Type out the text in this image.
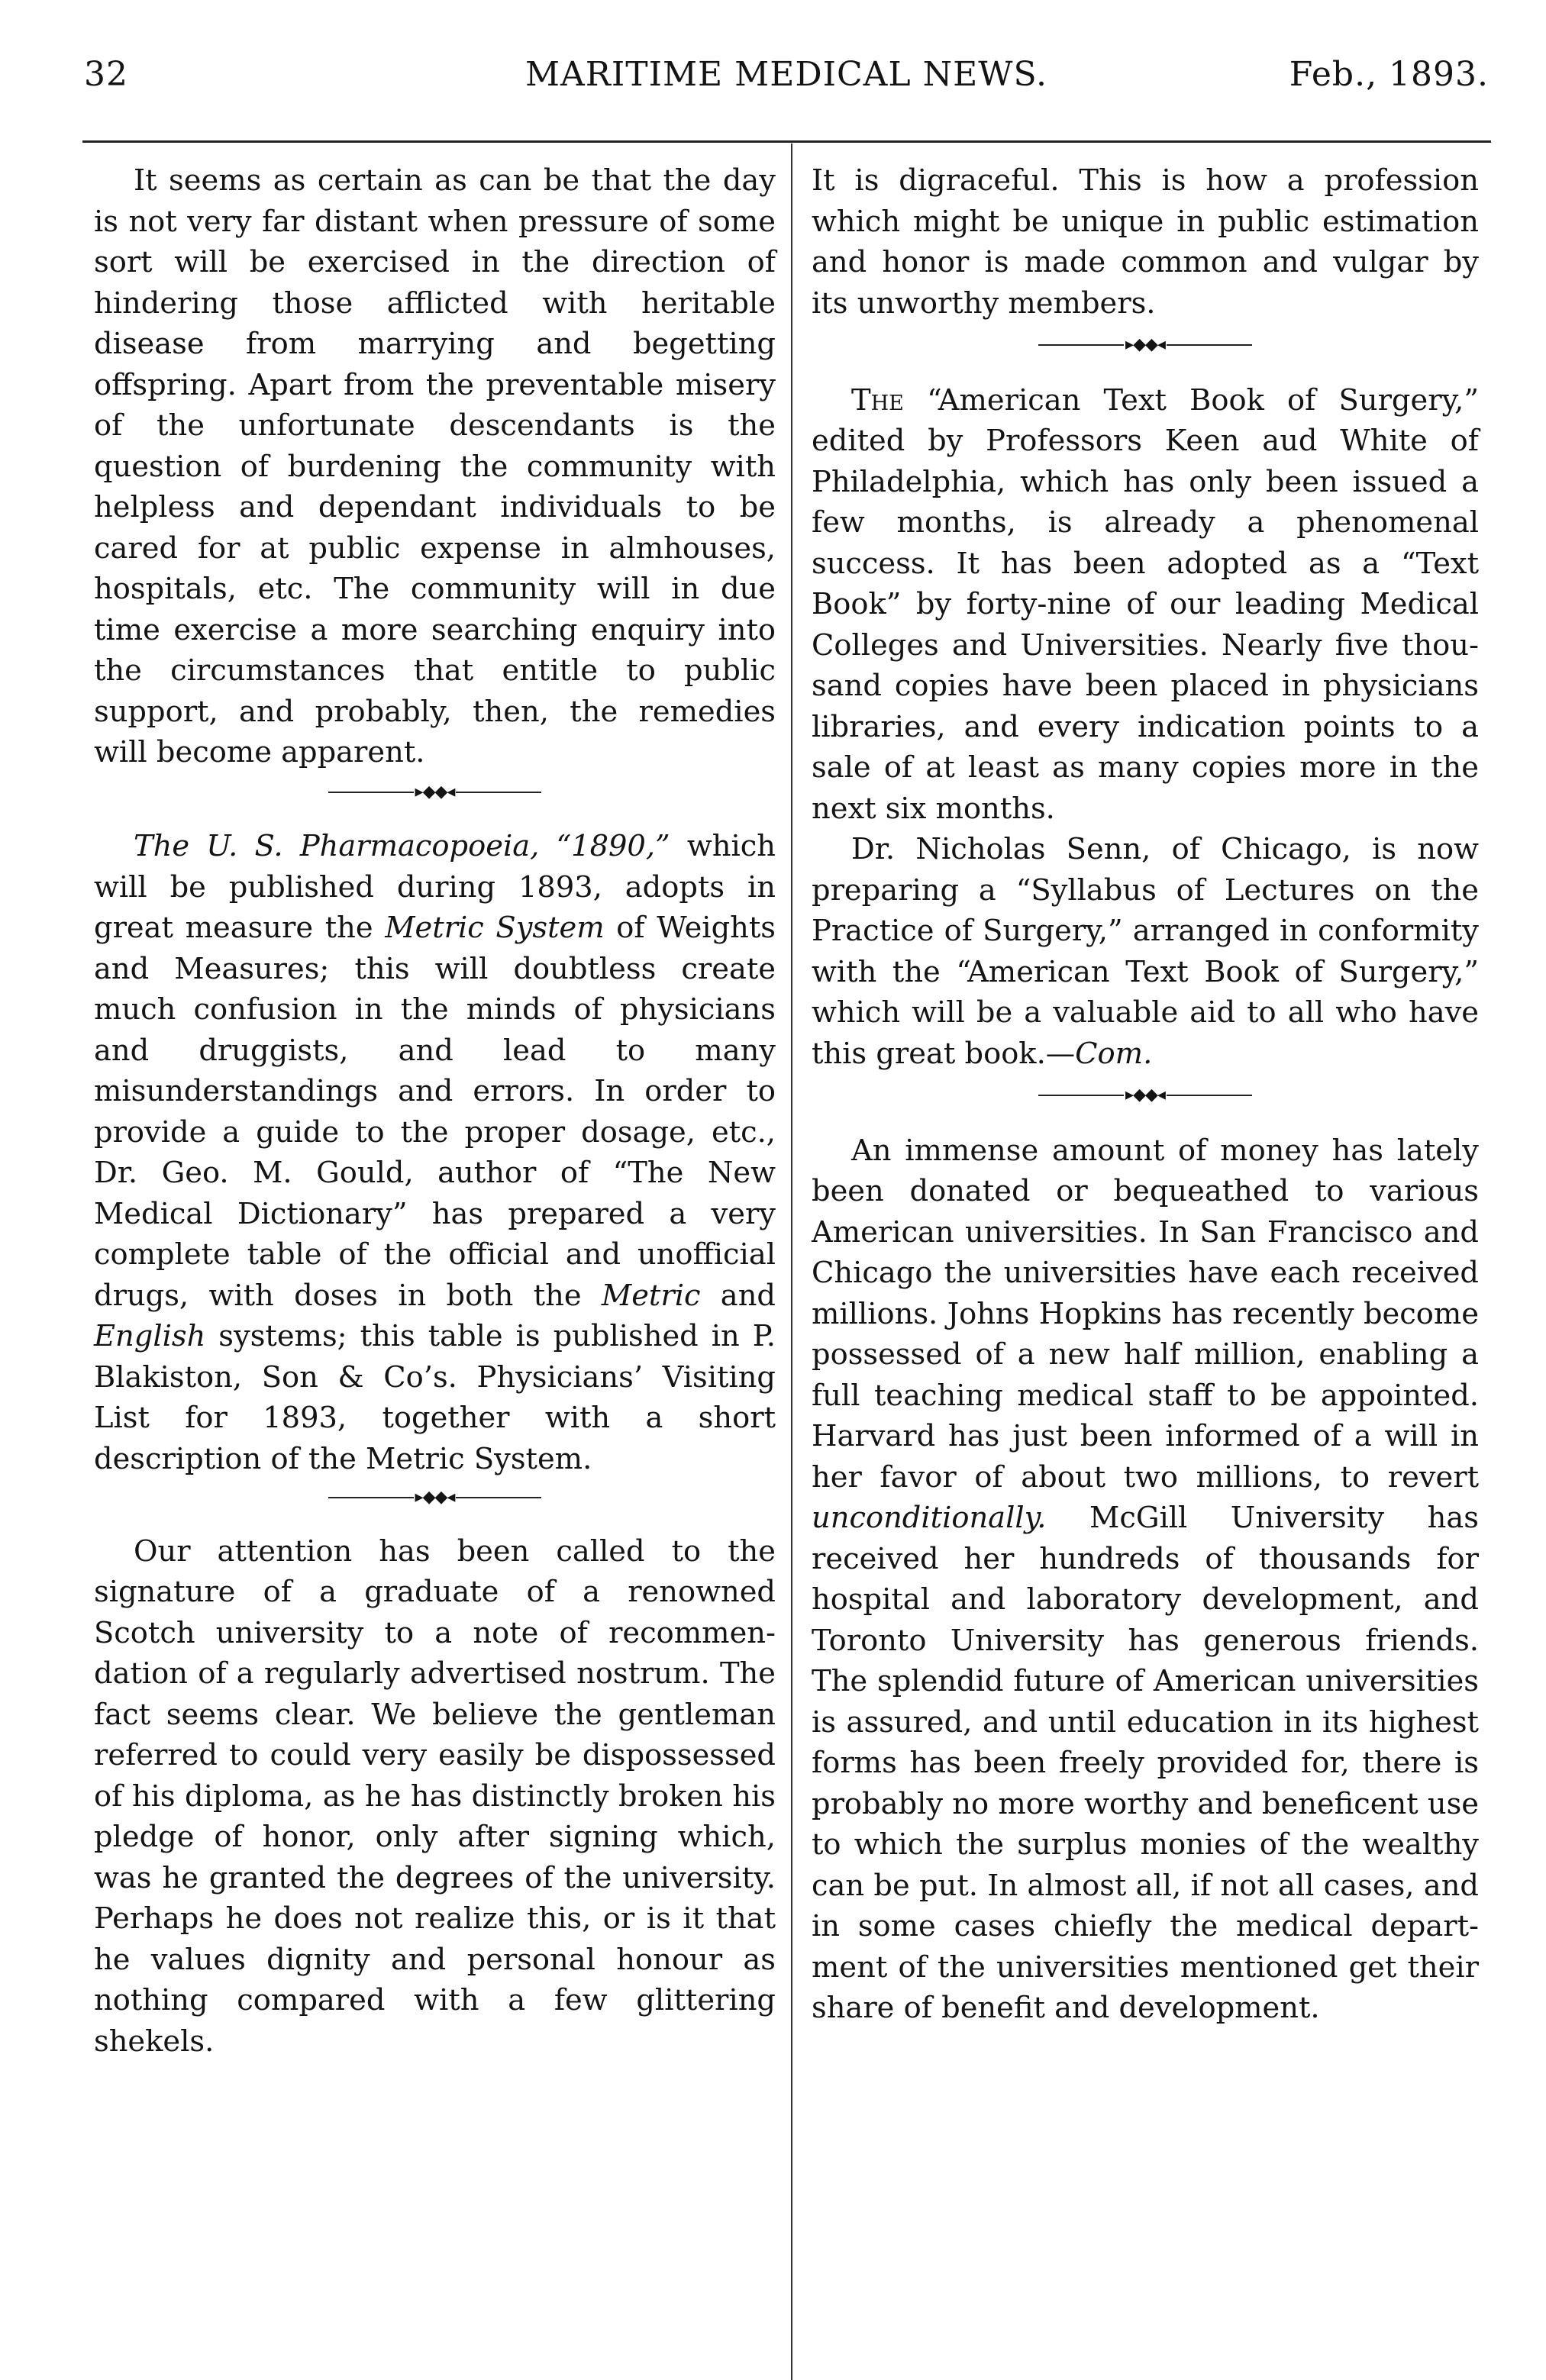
32	MARITIME MEDICAL NEWS.	Feb., 1893.

It seems as certain as can be that the day is not very far distant when pressure of some sort will be exercised in the direction of hindering those afflicted with heritable disease from marrying and begetting offspring. Apart from the preventable misery of the unfortunate descendants is the question of burdening the community with helpless and dependant individuals to be cared for at public expense in almhouses, hospitals, etc. The community will in due time exercise a more searching enquiry into the circumstances that entitle to public support, and probably, then, the remedies will become apparent.

▸◆◆◂

The U. S. Pharmacopoeia, “1890,” which will be published during 1893, adopts in great measure the Metric System of Weights and Measures; this will doubtless create much confusion in the minds of physicians and druggists, and lead to many misunderstandings and errors. In order to provide a guide to the proper dosage, etc., Dr. Geo. M. Gould, author of “The New Medical Dictionary” has prepared a very complete table of the official and unofficial drugs, with doses in both the Metric and English systems; this table is published in P. Blakiston, Son & Co’s. Physicians’ Visiting List for 1893, together with a short description of the Metric System.

▸◆◆◂

Our attention has been called to the signature of a graduate of a renowned Scotch university to a note of recommendation of a regularly advertised nostrum. The fact seems clear. We believe the gentleman referred to could very easily be dispossessed of his diploma, as he has distinctly broken his pledge of honor, only after signing which, was he granted the degrees of the university. Perhaps he does not realize this, or is it that he values dignity and personal honour as nothing compared with a few glittering shekels.

It is digraceful. This is how a profession which might be unique in public estimation and honor is made common and vulgar by its unworthy members.

▸◆◆◂

The “American Text Book of Surgery,” edited by Professors Keen aud White of Philadelphia, which has only been issued a few months, is already a phenomenal success. It has been adopted as a “Text Book” by forty-nine of our leading Medical Colleges and Universities. Nearly five thousand copies have been placed in physicians libraries, and every indication points to a sale of at least as many copies more in the next six months.

Dr. Nicholas Senn, of Chicago, is now preparing a “Syllabus of Lectures on the Practice of Surgery,” arranged in conformity with the “American Text Book of Surgery,” which will be a valuable aid to all who have this great book.—Com.

▸◆◆◂

An immense amount of money has lately been donated or bequeathed to various American universities. In San Francisco and Chicago the universities have each received millions. Johns Hopkins has recently become possessed of a new half million, enabling a full teaching medical staff to be appointed. Harvard has just been informed of a will in her favor of about two millions, to revert unconditionally. McGill University has received her hundreds of thousands for hospital and laboratory development, and Toronto University has generous friends. The splendid future of American universities is assured, and until education in its highest forms has been freely provided for, there is probably no more worthy and beneficent use to which the surplus monies of the wealthy can be put. In almost all, if not all cases, and in some cases chiefly the medical department of the universities mentioned get their share of benefit and development.
